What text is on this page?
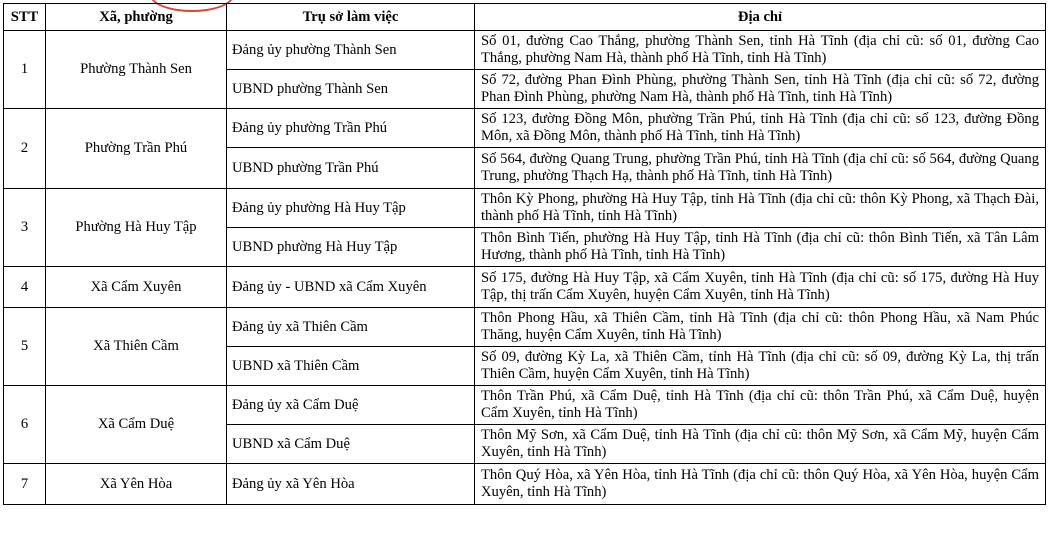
STT	Xã, phường	Trụ sở làm việc	Địa chỉ
1	Phường Thành Sen	Đảng ủy phường Thành Sen	Số 01, đường Cao Thắng, phường Thành Sen, tỉnh Hà Tĩnh (địa chỉ cũ: số 01, đường Cao Thắng, phường Nam Hà, thành phố Hà Tĩnh, tỉnh Hà Tĩnh)
		UBND phường Thành Sen	Số 72, đường Phan Đình Phùng, phường Thành Sen, tỉnh Hà Tĩnh (địa chỉ cũ: số 72, đường Phan Đình Phùng, phường Nam Hà, thành phố Hà Tĩnh, tỉnh Hà Tĩnh)
2	Phường Trần Phú	Đảng ủy phường Trần Phú	Số 123, đường Đồng Môn, phường Trần Phú, tỉnh Hà Tĩnh (địa chỉ cũ: số 123, đường Đồng Môn, xã Đồng Môn, thành phố Hà Tĩnh, tỉnh Hà Tĩnh)
		UBND phường Trần Phú	Số 564, đường Quang Trung, phường Trần Phú, tỉnh Hà Tĩnh (địa chỉ cũ: số 564, đường Quang Trung, phường Thạch Hạ, thành phố Hà Tĩnh, tỉnh Hà Tĩnh)
3	Phường Hà Huy Tập	Đảng ủy phường Hà Huy Tập	Thôn Kỳ Phong, phường Hà Huy Tập, tỉnh Hà Tĩnh (địa chỉ cũ: thôn Kỳ Phong, xã Thạch Đài, thành phố Hà Tĩnh, tỉnh Hà Tĩnh)
		UBND phường Hà Huy Tập	Thôn Bình Tiến, phường Hà Huy Tập, tỉnh Hà Tĩnh (địa chỉ cũ: thôn Bình Tiến, xã Tân Lâm Hương, thành phố Hà Tĩnh, tỉnh Hà Tĩnh)
4	Xã Cẩm Xuyên	Đảng ủy - UBND xã Cẩm Xuyên	Số 175, đường Hà Huy Tập, xã Cẩm Xuyên, tỉnh Hà Tĩnh (địa chỉ cũ: số 175, đường Hà Huy Tập, thị trấn Cẩm Xuyên, huyện Cẩm Xuyên, tỉnh Hà Tĩnh)
5	Xã Thiên Cầm	Đảng ủy xã Thiên Cầm	Thôn Phong Hầu, xã Thiên Cầm, tỉnh Hà Tĩnh (địa chỉ cũ: thôn Phong Hầu, xã Nam Phúc Thăng, huyện Cẩm Xuyên, tỉnh Hà Tĩnh)
		UBND xã Thiên Cầm	Số 09, đường Kỳ La, xã Thiên Cầm, tỉnh Hà Tĩnh (địa chỉ cũ: số 09, đường Kỳ La, thị trấn Thiên Cầm, huyện Cẩm Xuyên, tỉnh Hà Tĩnh)
6	Xã Cẩm Duệ	Đảng ủy xã Cẩm Duệ	Thôn Trần Phú, xã Cẩm Duệ, tỉnh Hà Tĩnh (địa chỉ cũ: thôn Trần Phú, xã Cẩm Duệ, huyện Cẩm Xuyên, tỉnh Hà Tĩnh)
		UBND xã Cẩm Duệ	Thôn Mỹ Sơn, xã Cẩm Duệ, tỉnh Hà Tĩnh (địa chỉ cũ: thôn Mỹ Sơn, xã Cẩm Mỹ, huyện Cẩm Xuyên, tỉnh Hà Tĩnh)
7	Xã Yên Hòa	Đảng ủy xã Yên Hòa	Thôn Quý Hòa, xã Yên Hòa, tỉnh Hà Tĩnh (địa chỉ cũ: thôn Quý Hòa, xã Yên Hòa, huyện Cẩm Xuyên, tỉnh Hà Tĩnh)
